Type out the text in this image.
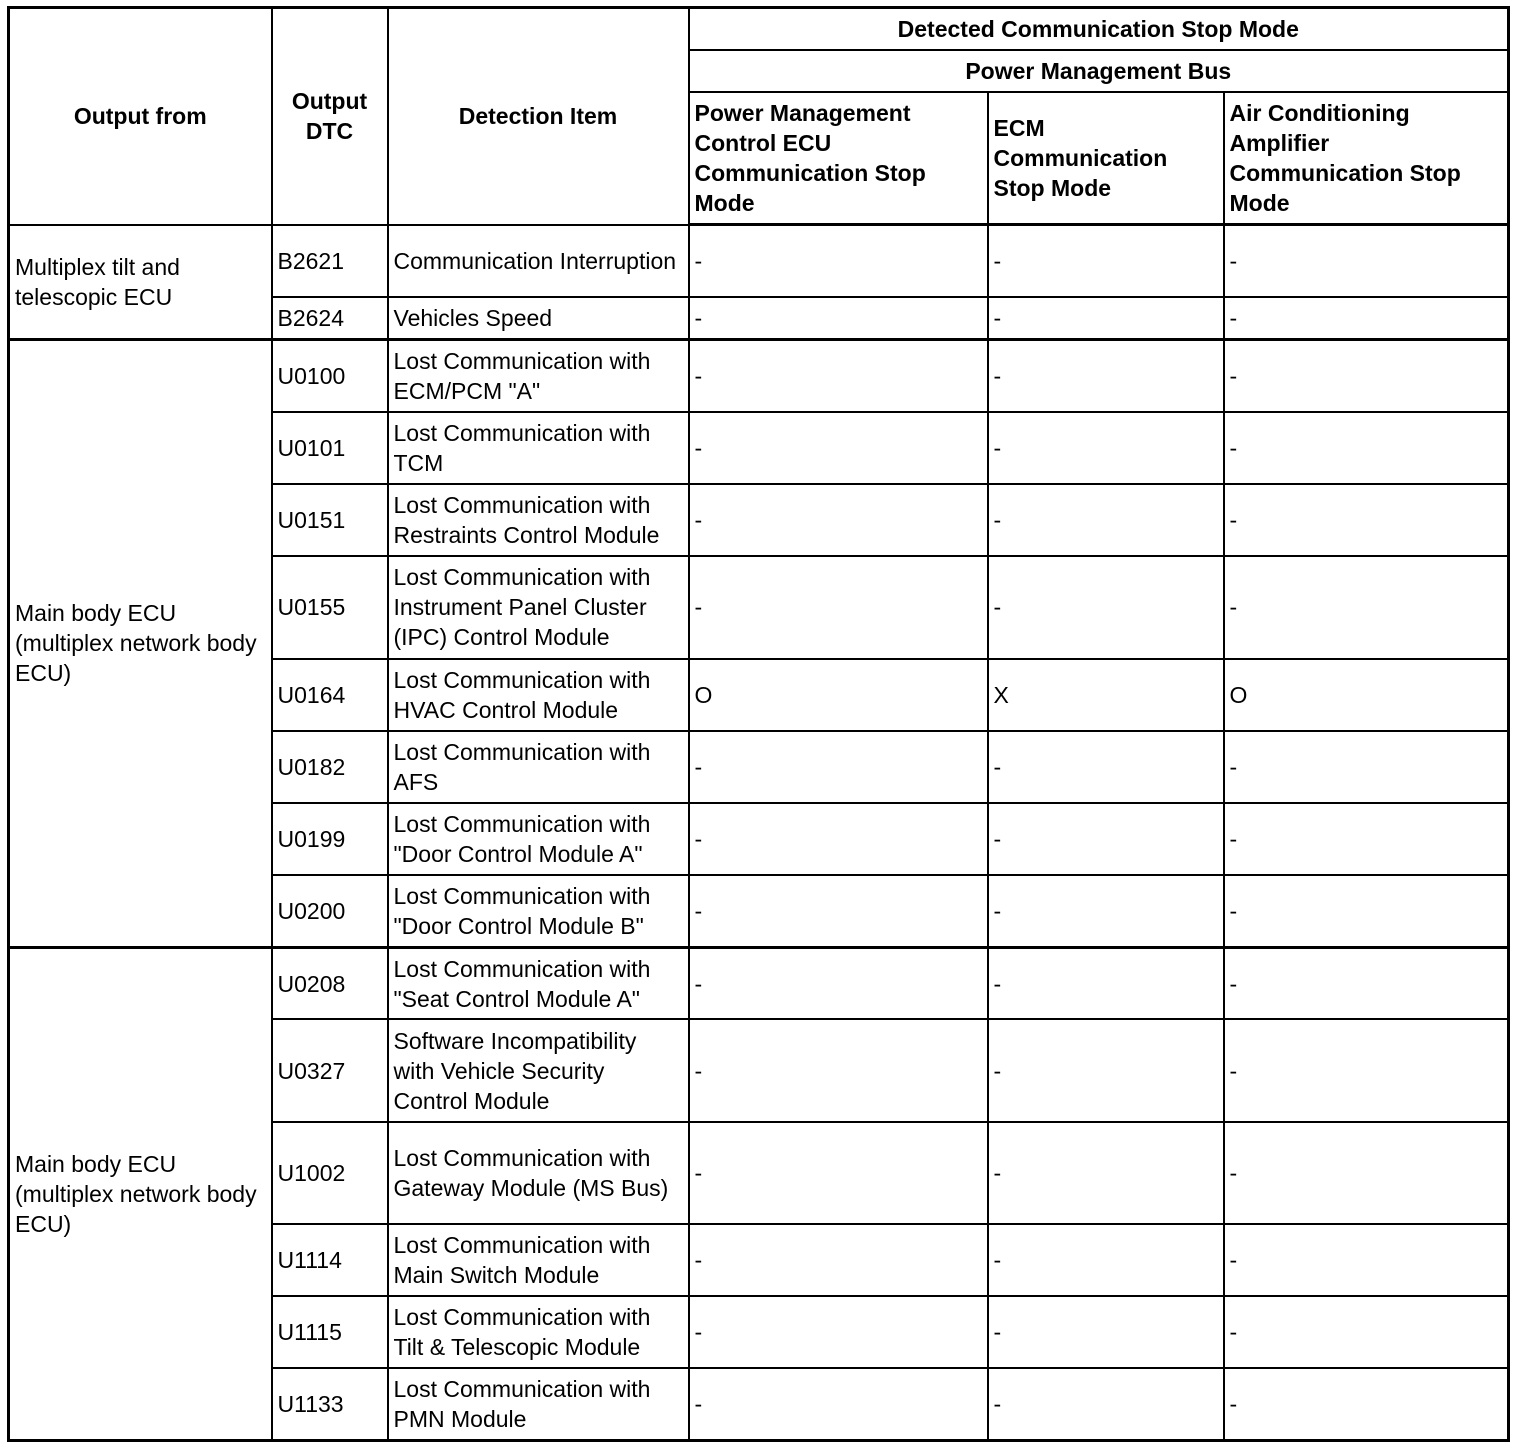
Output from	Output DTC	Detection Item	Detected Communication Stop Mode		
			Power Management Bus		
			Power Management Control ECU Communication Stop Mode	ECM Communication Stop Mode	Air Conditioning Amplifier Communication Stop Mode
Multiplex tilt and telescopic ECU	B2621	Communication Interruption	-	-	-
	B2624	Vehicles Speed	-	-	-
Main body ECU (multiplex network body ECU)	U0100	Lost Communication with ECM/PCM "A"	-	-	-
	U0101	Lost Communication with TCM	-	-	-
	U0151	Lost Communication with Restraints Control Module	-	-	-
	U0155	Lost Communication with Instrument Panel Cluster (IPC) Control Module	-	-	-
	U0164	Lost Communication with HVAC Control Module	O	X	O
	U0182	Lost Communication with AFS	-	-	-
	U0199	Lost Communication with "Door Control Module A"	-	-	-
	U0200	Lost Communication with "Door Control Module B"	-	-	-
Main body ECU (multiplex network body ECU)	U0208	Lost Communication with "Seat Control Module A"	-	-	-
	U0327	Software Incompatibility with Vehicle Security Control Module	-	-	-
	U1002	Lost Communication with Gateway Module (MS Bus)	-	-	-
	U1114	Lost Communication with Main Switch Module	-	-	-
	U1115	Lost Communication with Tilt & Telescopic Module	-	-	-
	U1133	Lost Communication with PMN Module	-	-	-
